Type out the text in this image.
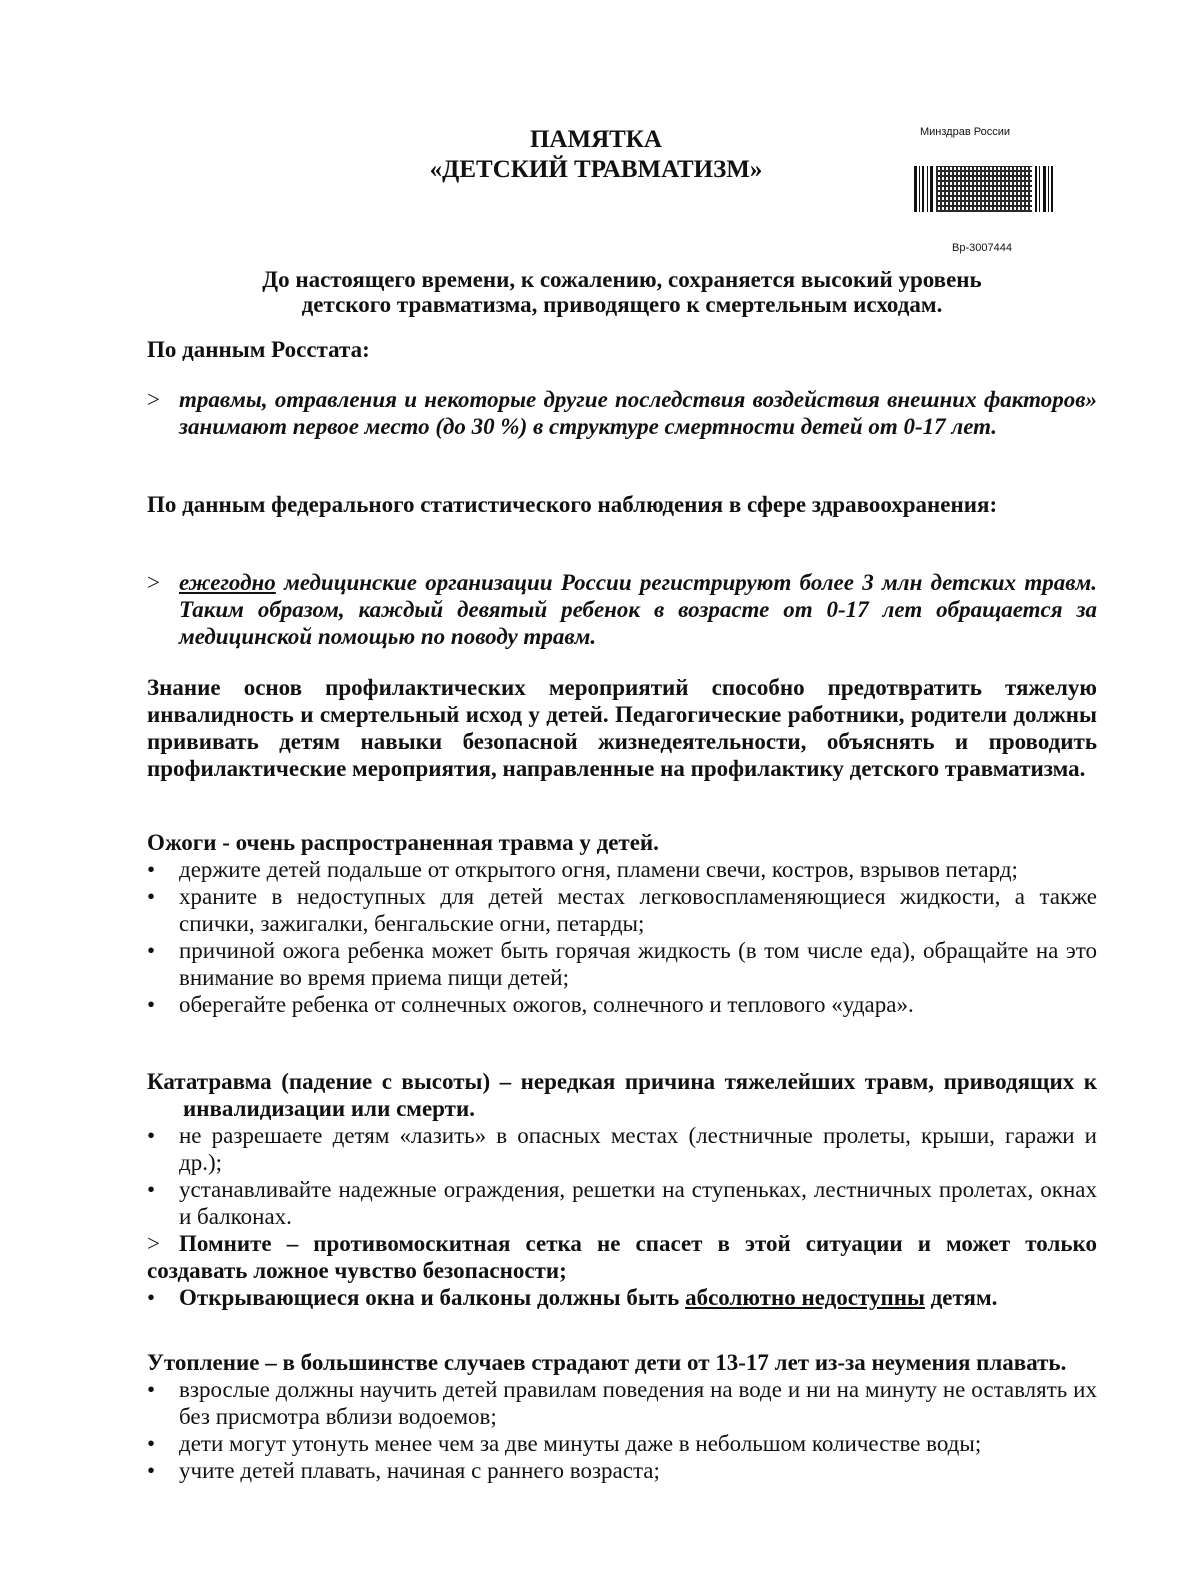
ПАМЯТКА
«ДЕТСКИЙ ТРАВМАТИЗМ»
Минздрав России
Вр-3007444
До настоящего времени, к сожалению, сохраняется высокий уровень
детского травматизма, приводящего к смертельным исходам.
По данным Росстата:
> травмы, отравления и некоторые другие последствия воздействия внешних факторов» занимают первое место (до 30 %) в структуре смертности детей от 0-17 лет.
По данным федерального статистического наблюдения в сфере здравоохранения:
> ежегодно медицинские организации России регистрируют более 3 млн детских травм. Таким образом, каждый девятый ребенок в возрасте от 0-17 лет обращается за медицинской помощью по поводу травм.
Знание основ профилактических мероприятий способно предотвратить тяжелую инвалидность и смертельный исход у детей. Педагогические работники, родители должны прививать детям навыки безопасной жизнедеятельности, объяснять и проводить профилактические мероприятия, направленные на профилактику детского травматизма.
Ожоги - очень распространенная травма у детей.
• держите детей подальше от открытого огня, пламени свечи, костров, взрывов петард;
• храните в недоступных для детей местах легковоспламеняющиеся жидкости, а также спички, зажигалки, бенгальские огни, петарды;
• причиной ожога ребенка может быть горячая жидкость (в том числе еда), обращайте на это внимание во время приема пищи детей;
• оберегайте ребенка от солнечных ожогов, солнечного и теплового «удара».
Кататравма (падение с высоты) – нередкая причина тяжелейших травм, приводящих к инвалидизации или смерти.
• не разрешаете детям «лазить» в опасных местах (лестничные пролеты, крыши, гаражи и др.);
• устанавливайте надежные ограждения, решетки на ступеньках, лестничных пролетах, окнах и балконах.
> Помните – противомоскитная сетка не спасет в этой ситуации и может только создавать ложное чувство безопасности;
• Открывающиеся окна и балконы должны быть абсолютно недоступны детям.
Утопление – в большинстве случаев страдают дети от 13-17 лет из-за неумения плавать.
• взрослые должны научить детей правилам поведения на воде и ни на минуту не оставлять их без присмотра вблизи водоемов;
• дети могут утонуть менее чем за две минуты даже в небольшом количестве воды;
• учите детей плавать, начиная с раннего возраста;
